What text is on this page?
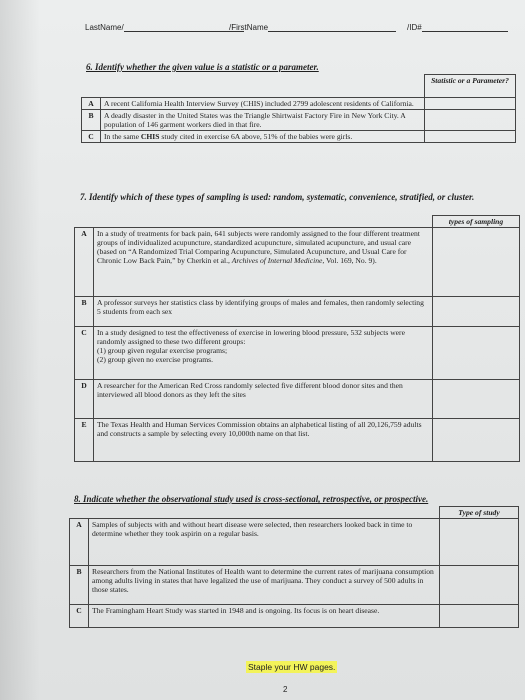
LastName/	/FirstName	/ID#
6. Identify whether the given value is a statistic or a parameter.
		Statistic or a Parameter?
A	A recent California Health Interview Survey (CHIS) included 2799 adolescent residents of California.	
B	A deadly disaster in the United States was the Triangle Shirtwaist Factory Fire in New York City. A population of 146 garment workers died in that fire.	
C	In the same CHIS study cited in exercise 6A above, 51% of the babies were girls.	
7. Identify which of these types of sampling is used: random, systematic, convenience, stratified, or cluster.
		types of sampling
A	In a study of treatments for back pain, 641 subjects were randomly assigned to the four different treatment groups of individualized acupuncture, standardized acupuncture, simulated acupuncture, and usual care (based on “A Randomized Trial Comparing Acupuncture, Simulated Acupuncture, and Usual Care for Chronic Low Back Pain,” by Cherkin et al., Archives of Internal Medicine, Vol. 169, No. 9).	
B	A professor surveys her statistics class by identifying groups of males and females, then randomly selecting 5 students from each sex	
C	In a study designed to test the effectiveness of exercise in lowering blood pressure, 532 subjects were randomly assigned to these two different groups:
(1) group given regular exercise programs;
(2) group given no exercise programs.	
D	A researcher for the American Red Cross randomly selected five different blood donor sites and then interviewed all blood donors as they left the sites	
E	The Texas Health and Human Services Commission obtains an alphabetical listing of all 20,126,759 adults and constructs a sample by selecting every 10,000th name on that list.	
8. Indicate whether the observational study used is cross-sectional, retrospective, or prospective.
		Type of study
A	Samples of subjects with and without heart disease were selected, then researchers looked back in time to determine whether they took aspirin on a regular basis.	
B	Researchers from the National Institutes of Health want to determine the current rates of marijuana consumption among adults living in states that have legalized the use of marijuana. They conduct a survey of 500 adults in those states.	
C	The Framingham Heart Study was started in 1948 and is ongoing. Its focus is on heart disease.	
Staple your HW pages.
2
